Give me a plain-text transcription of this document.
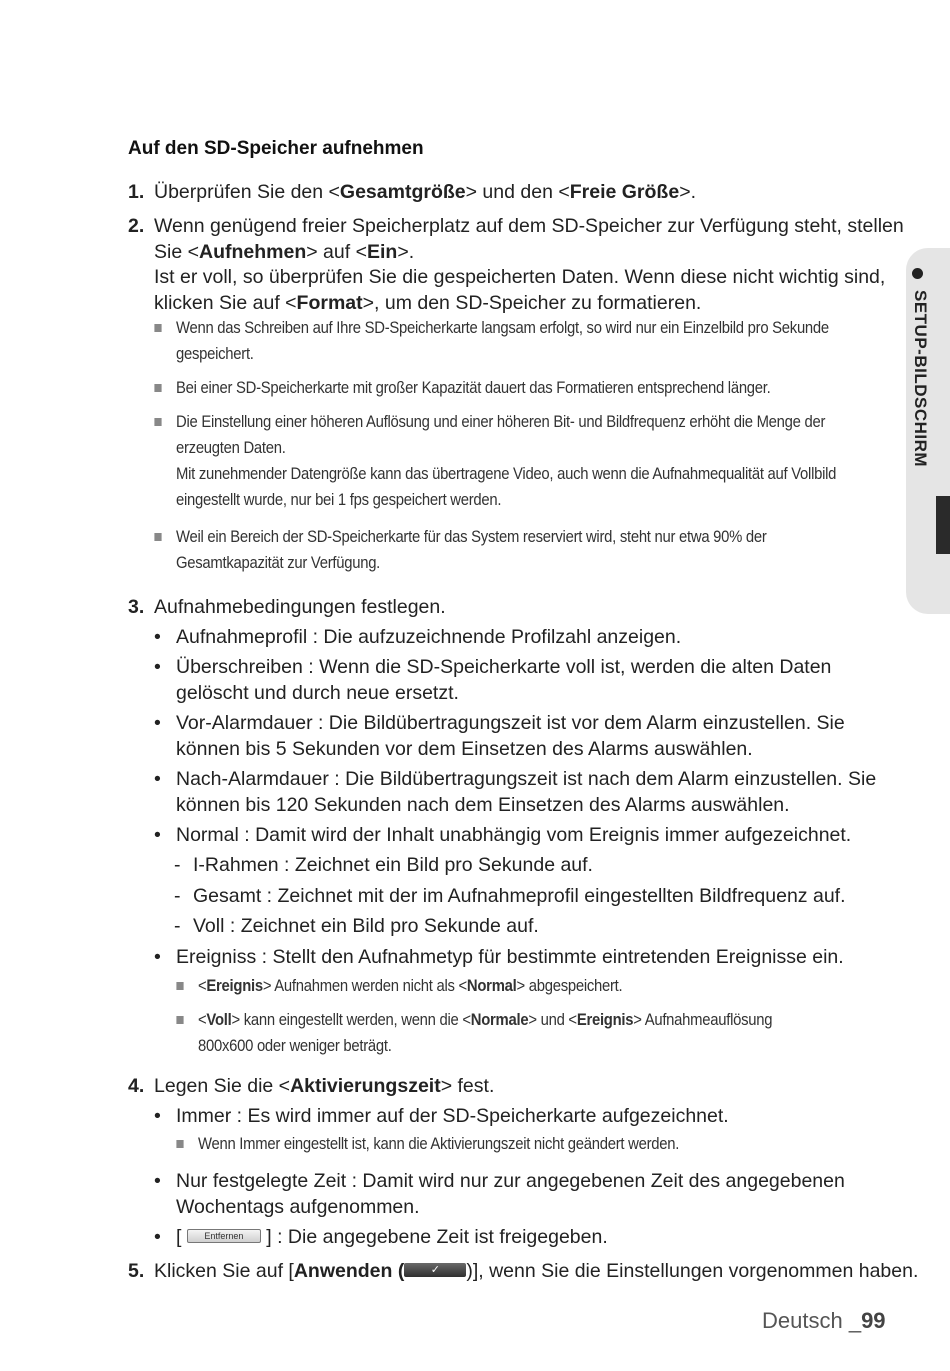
Auf den SD-Speicher aufnehmen
1. Überprüfen Sie den <Gesamtgröße> und den <Freie Größe>.
2. Wenn genügend freier Speicherplatz auf dem SD-Speicher zur Verfügung steht, stellen
Sie <Aufnehmen> auf <Ein>.
Ist er voll, so überprüfen Sie die gespeicherten Daten. Wenn diese nicht wichtig sind,
klicken Sie auf <Format>, um den SD-Speicher zu formatieren.
Wenn das Schreiben auf Ihre SD-Speicherkarte langsam erfolgt, so wird nur ein Einzelbild pro Sekunde
gespeichert.
Bei einer SD-Speicherkarte mit großer Kapazität dauert das Formatieren entsprechend länger.
Die Einstellung einer höheren Auflösung und einer höheren Bit- und Bildfrequenz erhöht die Menge der
erzeugten Daten.
Mit zunehmender Datengröße kann das übertragene Video, auch wenn die Aufnahmequalität auf Vollbild
eingestellt wurde, nur bei 1 fps gespeichert werden.
Weil ein Bereich der SD-Speicherkarte für das System reserviert wird, steht nur etwa 90% der
Gesamtkapazität zur Verfügung.
3. Aufnahmebedingungen festlegen.
• Aufnahmeprofil : Die aufzuzeichnende Profilzahl anzeigen.
• Überschreiben : Wenn die SD-Speicherkarte voll ist, werden die alten Daten
gelöscht und durch neue ersetzt.
• Vor-Alarmdauer : Die Bildübertragungszeit ist vor dem Alarm einzustellen. Sie
können bis 5 Sekunden vor dem Einsetzen des Alarms auswählen.
• Nach-Alarmdauer : Die Bildübertragungszeit ist nach dem Alarm einzustellen. Sie
können bis 120 Sekunden nach dem Einsetzen des Alarms auswählen.
• Normal : Damit wird der Inhalt unabhängig vom Ereignis immer aufgezeichnet.
- I-Rahmen : Zeichnet ein Bild pro Sekunde auf.
- Gesamt : Zeichnet mit der im Aufnahmeprofil eingestellten Bildfrequenz auf.
- Voll : Zeichnet ein Bild pro Sekunde auf.
• Ereigniss : Stellt den Aufnahmetyp für bestimmte eintretenden Ereignisse ein.
<Ereignis> Aufnahmen werden nicht als <Normal> abgespeichert.
<Voll> kann eingestellt werden, wenn die <Normale> und <Ereignis> Aufnahmeauflösung
800x600 oder weniger beträgt.
4. Legen Sie die <Aktivierungszeit> fest.
• Immer : Es wird immer auf der SD-Speicherkarte aufgezeichnet.
Wenn Immer eingestellt ist, kann die Aktivierungszeit nicht geändert werden.
• Nur festgelegte Zeit : Damit wird nur zur angegebenen Zeit des angegebenen
Wochentags aufgenommen.
• [ Entfernen ] : Die angegebene Zeit ist freigegeben.
5. Klicken Sie auf [Anwenden ( ✓ )], wenn Sie die Einstellungen vorgenommen haben.
SETUP-BILDSCHIRM
Deutsch _99
